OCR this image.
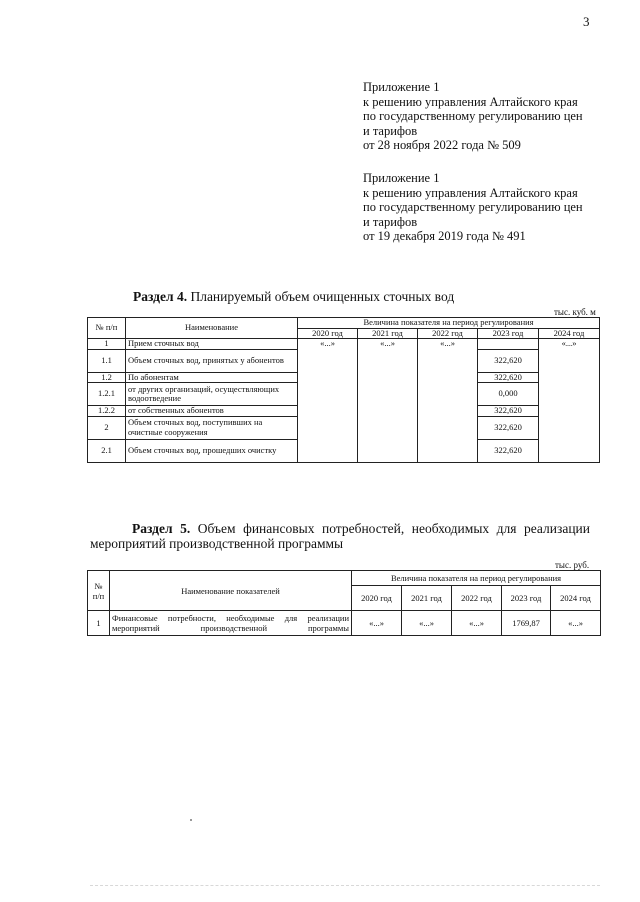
3
Приложение 1
к решению управления Алтайского края
по государственному регулированию цен
и тарифов
от 28 ноября 2022 года № 509
Приложение 1
к решению управления Алтайского края
по государственному регулированию цен
и тарифов
от 19 декабря 2019 года № 491
Раздел 4. Планируемый объем очищенных сточных вод
тыс. куб. м
№ п/п	Наименование	Величина показателя на период регулирования				
		2020 год	2021 год	2022 год	2023 год	2024 год
1	Прием сточных вод	«...»	«...»	«...»		«...»
1.1	Объем сточных вод, принятых у абонентов				322,620	
1.2	По абонентам				322,620	
1.2.1	от других организаций, осуществляющих водоотведение				0,000	
1.2.2	от собственных абонентов				322,620	
2	Объем сточных вод, поступивших на очистные сооружения				322,620	
2.1	Объем сточных вод, прошедших очистку				322,620	
Раздел 5. Объем финансовых потребностей, необходимых для реализации мероприятий производственной программы
тыс. руб.
№ п/п	Наименование показателей	Величина показателя на период регулирования				
		2020 год	2021 год	2022 год	2023 год	2024 год
1	Финансовые потребности, необходимые для реализации мероприятий производственной программы	«...»	«...»	«...»	1769,87	«...»
